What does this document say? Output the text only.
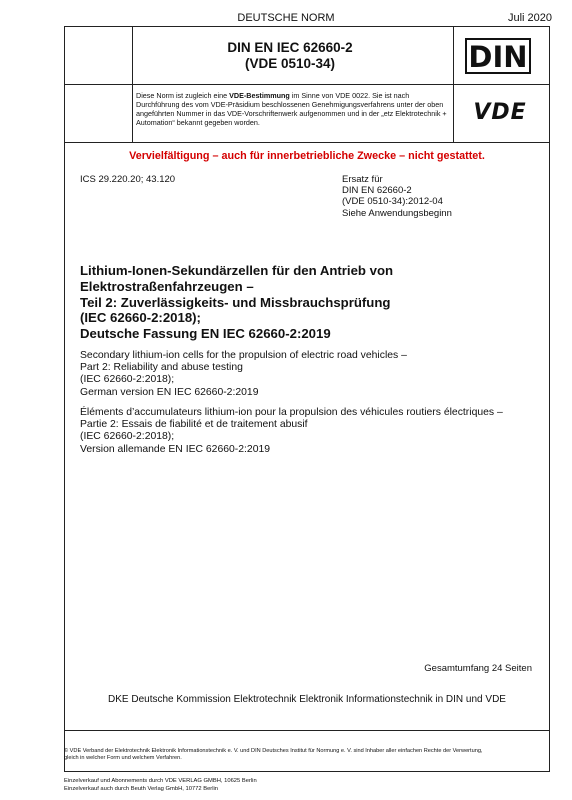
DEUTSCHE NORM	Juli 2020
DIN EN IEC 62660-2
(VDE 0510-34)	DIN
Diese Norm ist zugleich eine VDE-Bestimmung im Sinne von VDE 0022. Sie ist nach Durchführung des vom VDE-Präsidium beschlossenen Genehmigungsverfahrens unter der oben angeführten Nummer in das VDE-Vorschriftenwerk aufgenommen und in der „etz Elektrotechnik + Automation“ bekannt gegeben worden.	VDE
Vervielfältigung – auch für innerbetriebliche Zwecke – nicht gestattet.
ICS 29.220.20; 43.120	Ersatz für
DIN EN 62660-2
(VDE 0510-34):2012-04
Siehe Anwendungsbeginn
Lithium-Ionen-Sekundärzellen für den Antrieb von
Elektrostraßenfahrzeugen –
Teil 2: Zuverlässigkeits- und Missbrauchsprüfung
(IEC 62660-2:2018);
Deutsche Fassung EN IEC 62660-2:2019
Secondary lithium-ion cells for the propulsion of electric road vehicles –
Part 2: Reliability and abuse testing
(IEC 62660-2:2018);
German version EN IEC 62660-2:2019
Éléments d’accumulateurs lithium-ion pour la propulsion des véhicules routiers électriques –
Partie 2: Essais de fiabilité et de traitement abusif
(IEC 62660-2:2018);
Version allemande EN IEC 62660-2:2019
Gesamtumfang 24 Seiten
DKE Deutsche Kommission Elektrotechnik Elektronik Informationstechnik in DIN und VDE
© VDE Verband der Elektrotechnik Elektronik Informationstechnik e. V. und DIN Deutsches Institut für Normung e. V. sind Inhaber aller einfachen Rechte der Verwertung, gleich in welcher Form und welchem Verfahren.
Einzelverkauf und Abonnements durch VDE VERLAG GMBH, 10625 Berlin
Einzelverkauf auch durch Beuth Verlag GmbH, 10772 Berlin
